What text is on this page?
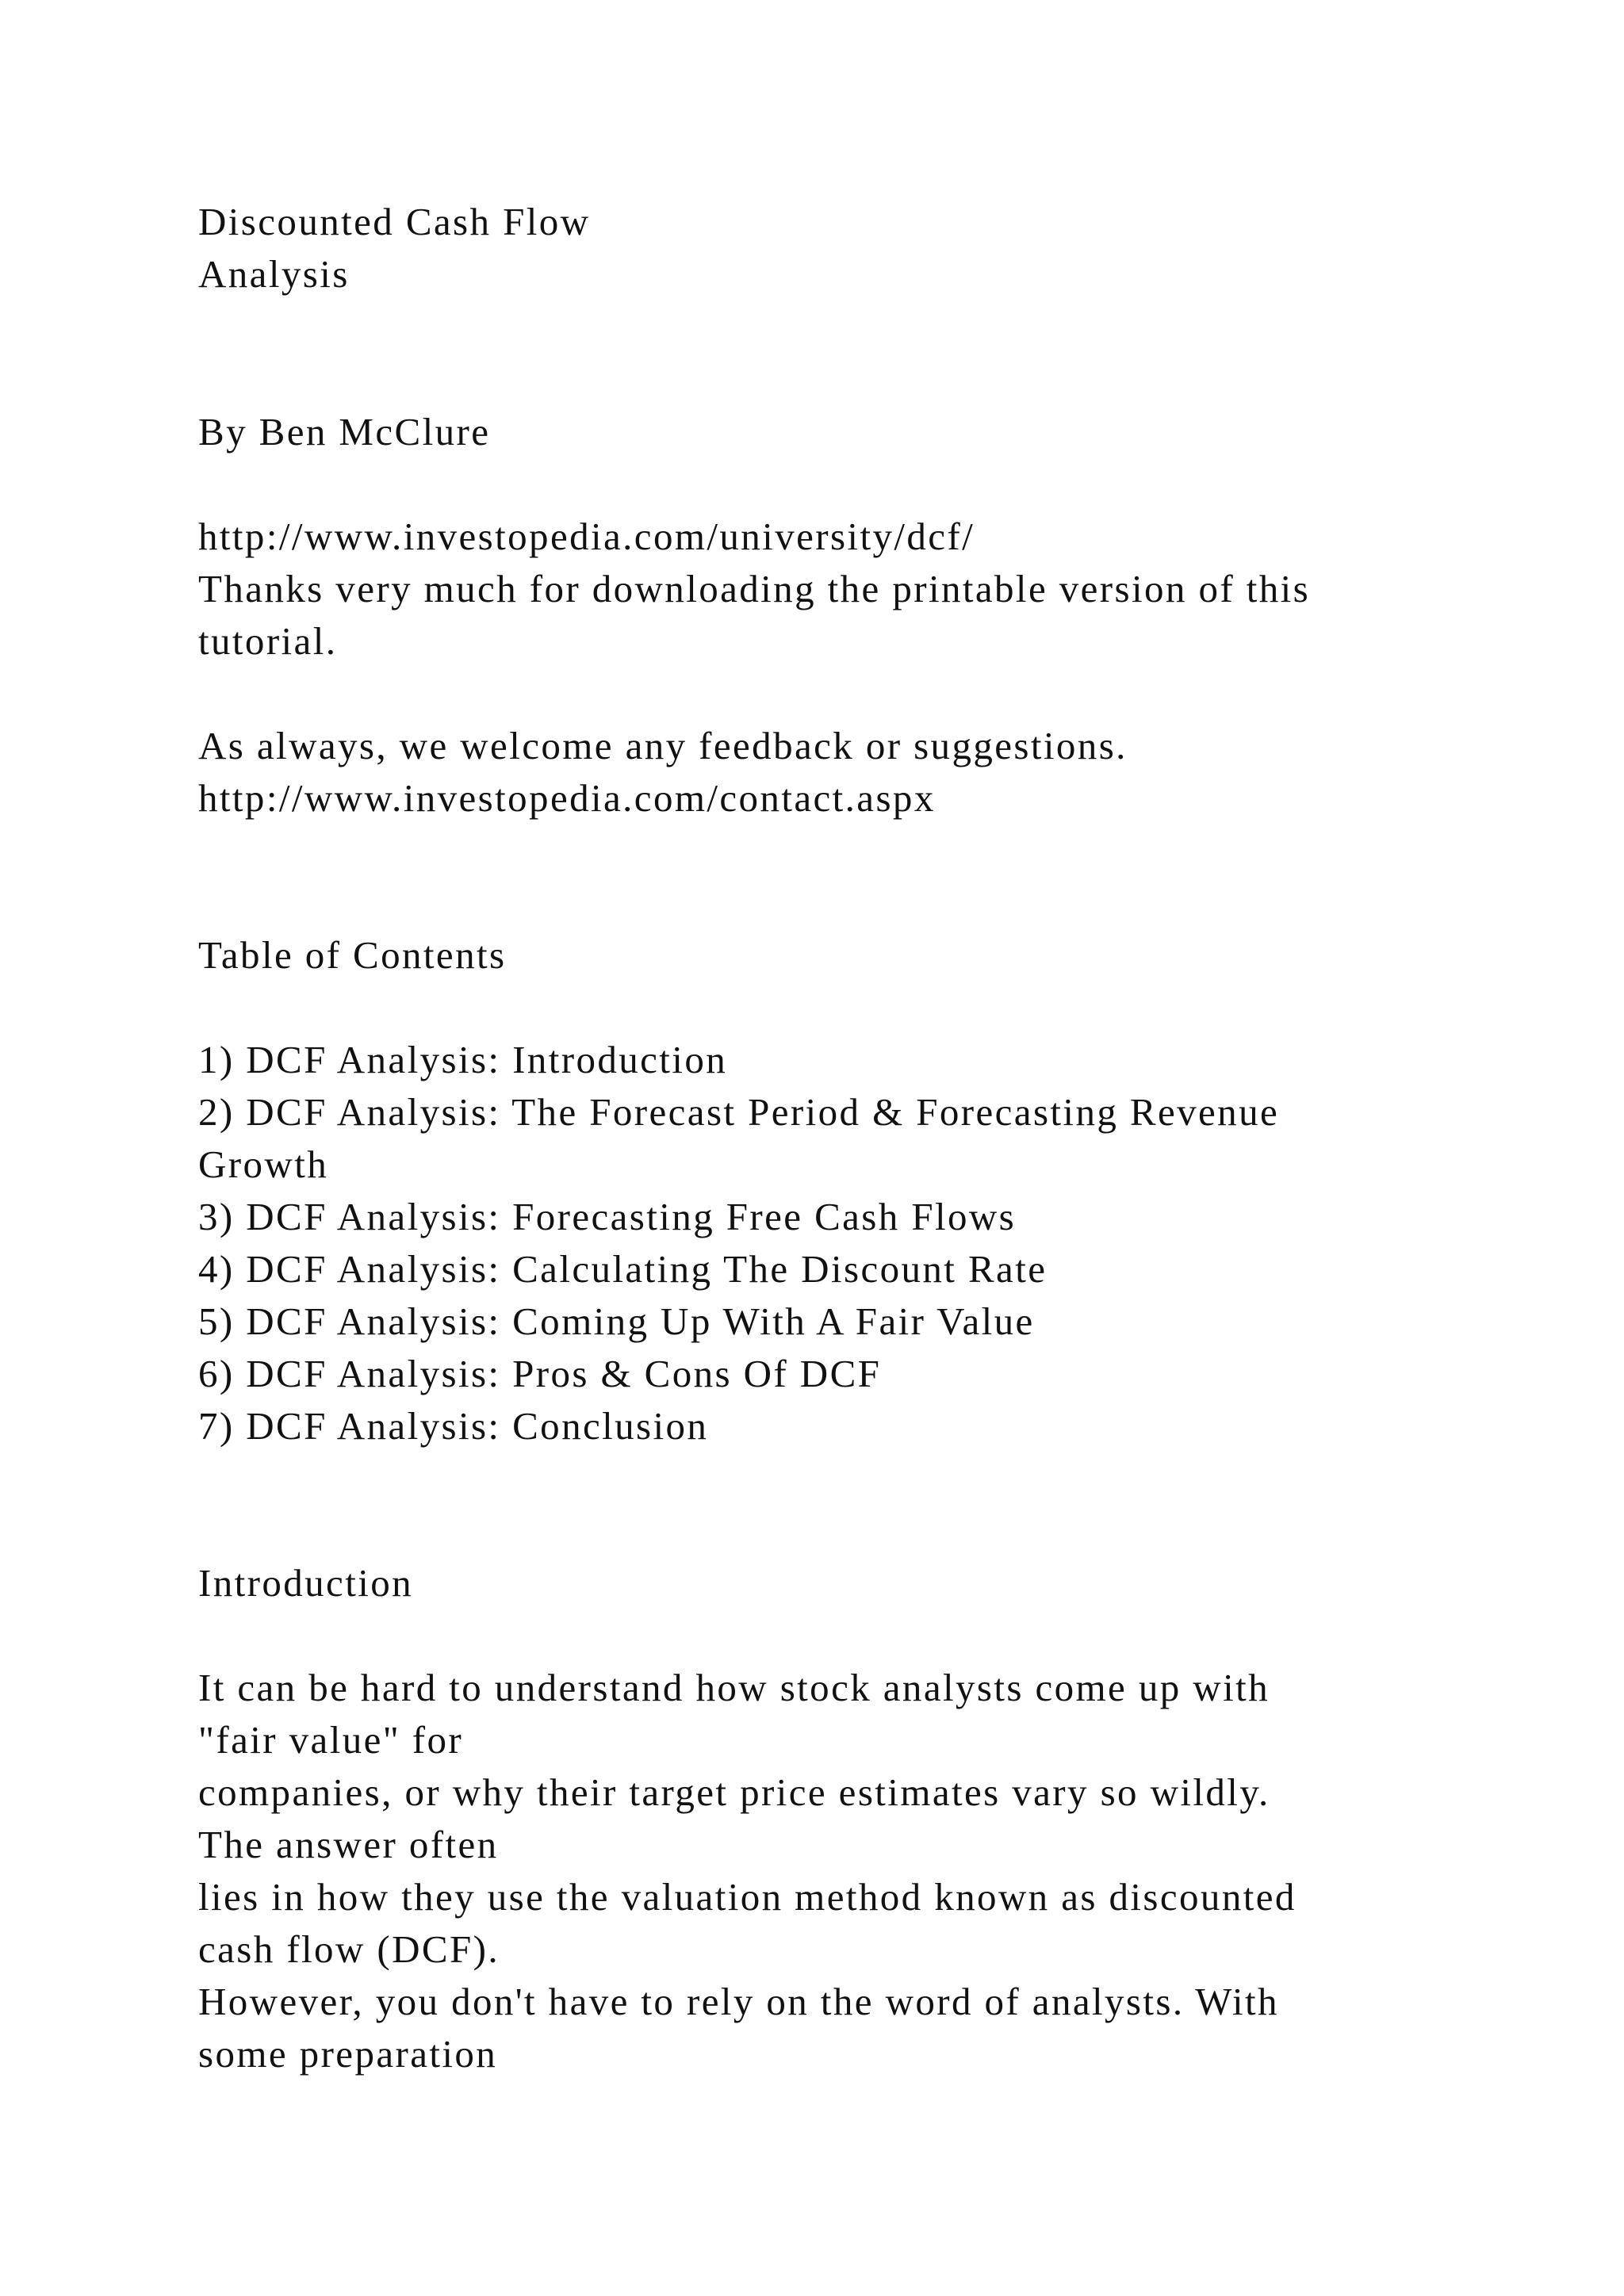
Discounted Cash Flow

Analysis

By Ben McClure

http://www.investopedia.com/university/dcf/

Thanks very much for downloading the printable version of this

tutorial.

As always, we welcome any feedback or suggestions.

http://www.investopedia.com/contact.aspx

Table of Contents

1) DCF Analysis: Introduction

2) DCF Analysis: The Forecast Period & Forecasting Revenue

Growth

3) DCF Analysis: Forecasting Free Cash Flows

4) DCF Analysis: Calculating The Discount Rate

5) DCF Analysis: Coming Up With A Fair Value

6) DCF Analysis: Pros & Cons Of DCF

7) DCF Analysis: Conclusion

Introduction

It can be hard to understand how stock analysts come up with

"fair value" for

companies, or why their target price estimates vary so wildly.

The answer often

lies in how they use the valuation method known as discounted

cash flow (DCF).

However, you don't have to rely on the word of analysts. With

some preparation
